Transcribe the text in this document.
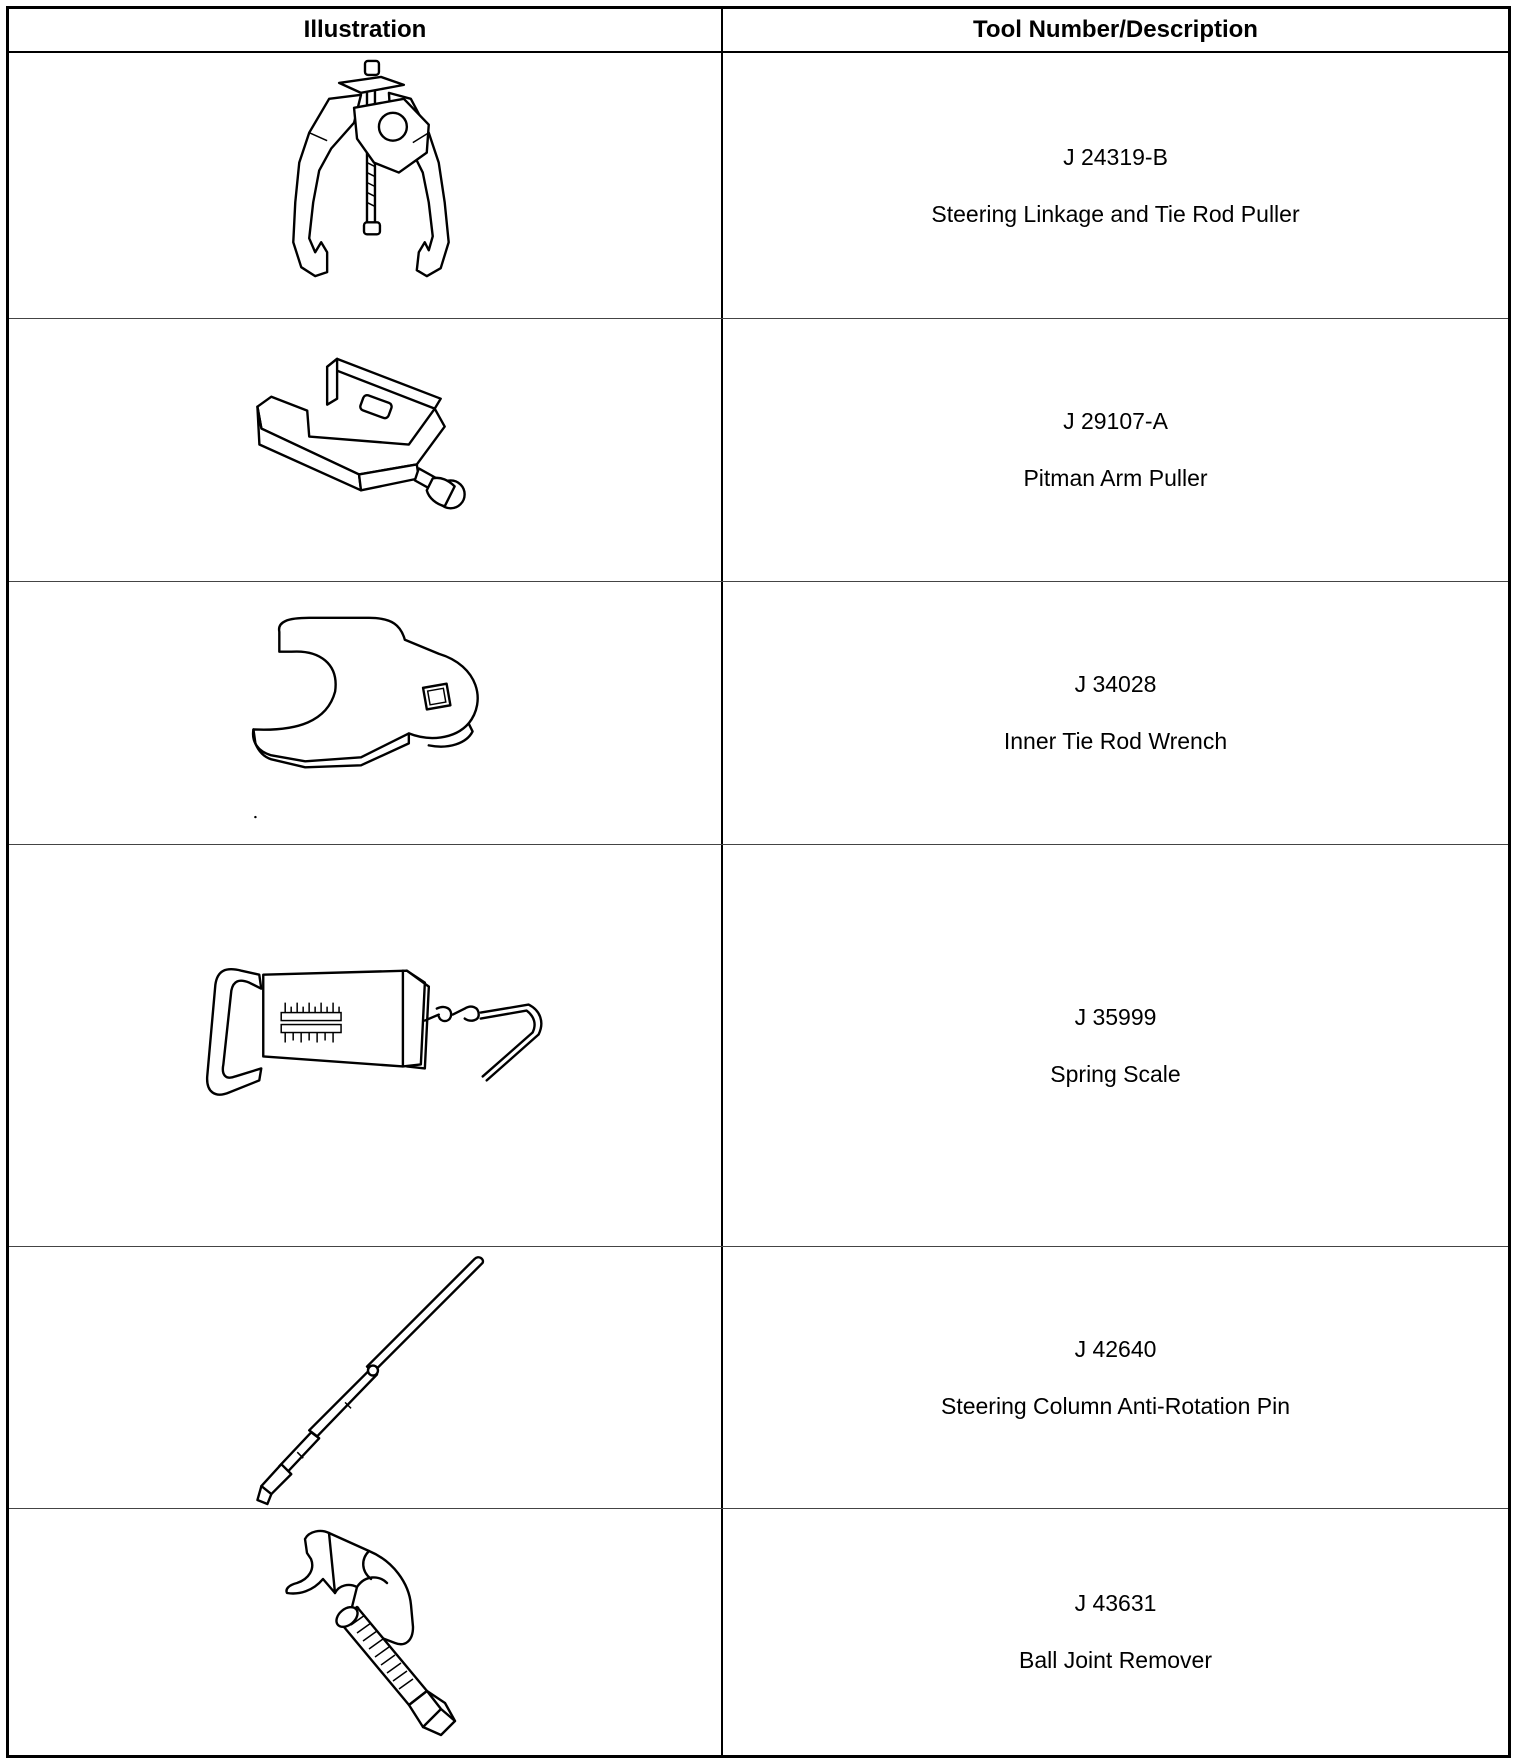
Illustration	Tool Number/Description
J 24319-B
Steering Linkage and Tie Rod Puller
J 29107-A
Pitman Arm Puller
J 34028
Inner Tie Rod Wrench
J 35999
Spring Scale
J 42640
Steering Column Anti-Rotation Pin
J 43631
Ball Joint Remover
